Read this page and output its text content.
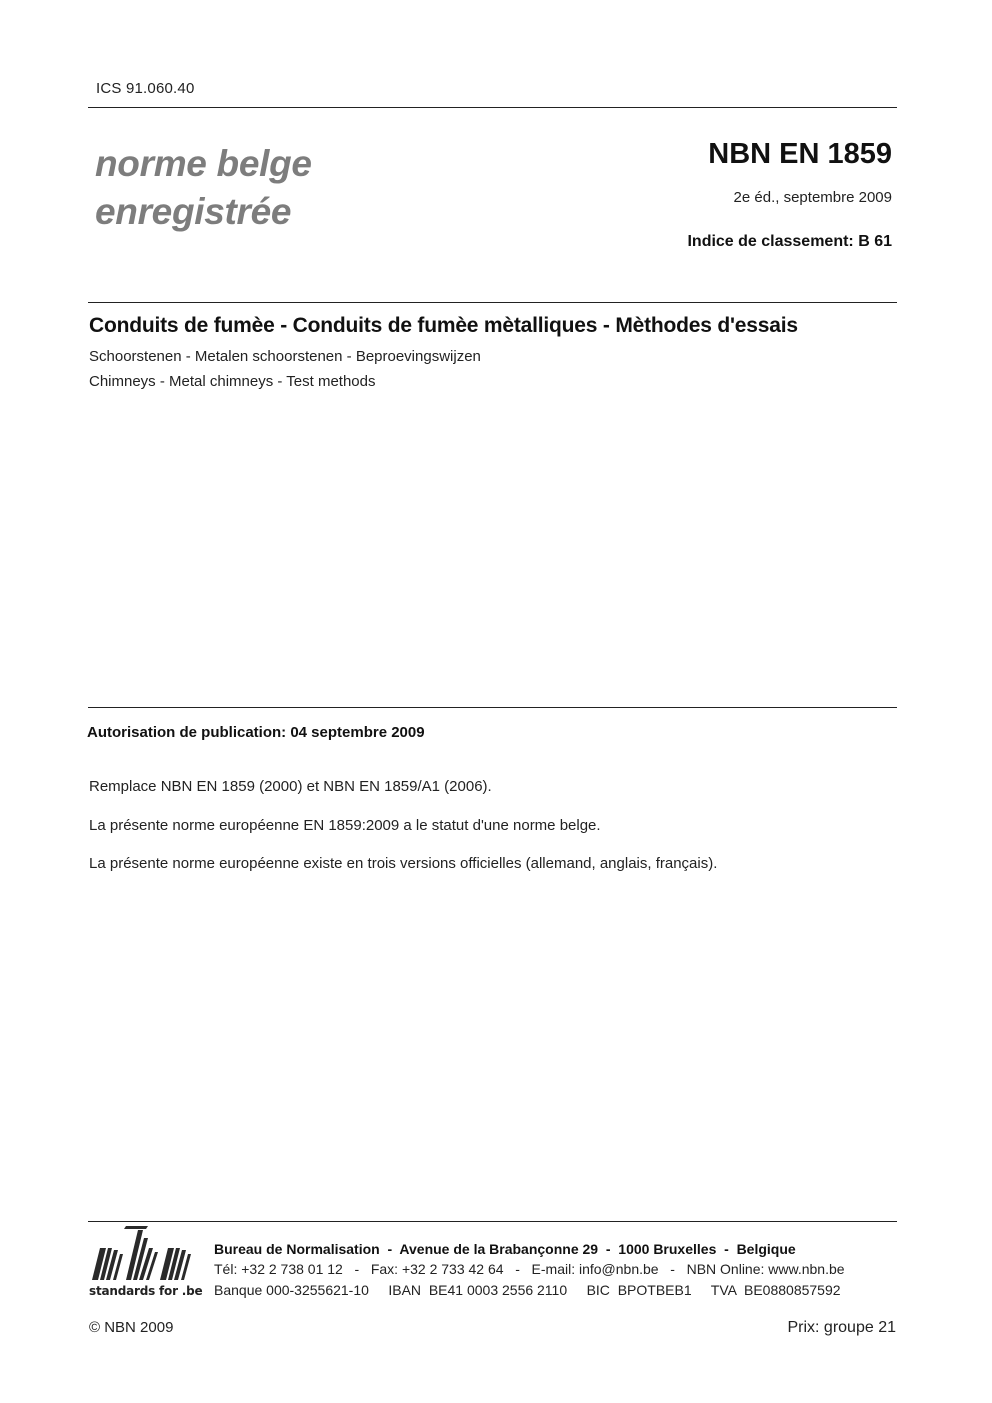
ICS 91.060.40
norme belge
enregistrée
NBN EN 1859
2e éd., septembre 2009
Indice de classement: B 61
Conduits de fumèe - Conduits de fumèe mètalliques - Mèthodes d'essais
Schoorstenen - Metalen schoorstenen - Beproevingswijzen
Chimneys - Metal chimneys - Test methods
Autorisation de publication: 04 septembre 2009
Remplace NBN EN 1859 (2000) et NBN EN 1859/A1 (2006).
La présente norme européenne EN 1859:2009 a le statut d'une norme belge.
La présente norme européenne existe en trois versions officielles (allemand, anglais, français).
standards for .be
Bureau de Normalisation  -  Avenue de la Brabançonne 29  -  1000 Bruxelles  -  Belgique
Tél: +32 2 738 01 12   -   Fax: +32 2 733 42 64   -   E-mail: info@nbn.be   -   NBN Online: www.nbn.be
Banque 000-3255621-10     IBAN  BE41 0003 2556 2110     BIC  BPOTBEB1     TVA  BE0880857592
© NBN 2009	Prix: groupe 21
